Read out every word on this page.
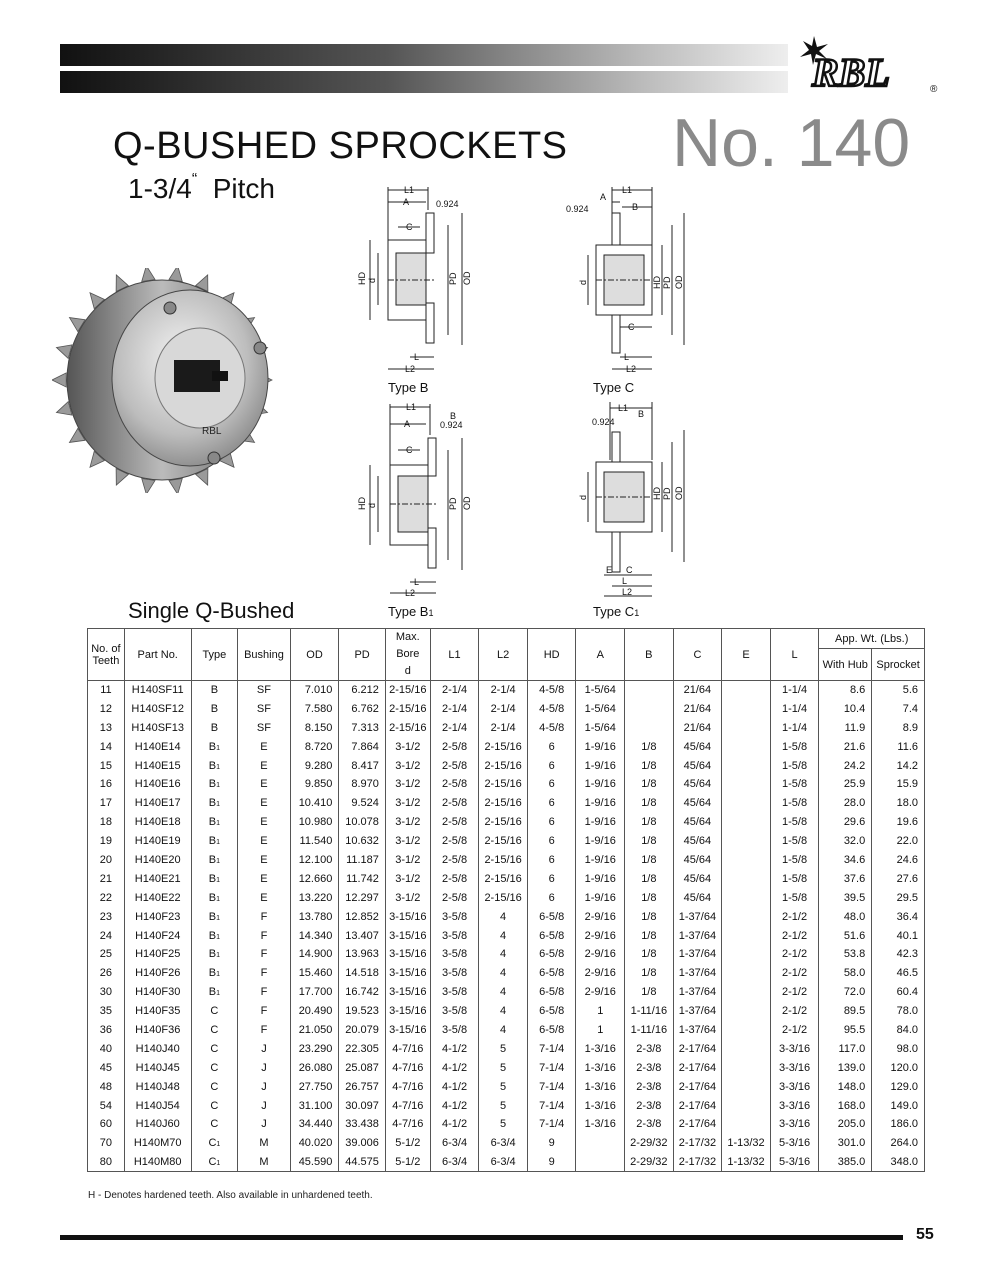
RBL	®
Q-BUSHED SPROCKETS
1-3/4“ Pitch
No. 140
RBL
Single Q-Bushed
L1
A	0.924
C
HD d	PD OD
L
L2
Type B
L1
A
0.924	B
d	HD PD OD
C
L
L2
Type C
L1
B
A	0.924
C
HD d	PD OD
L
L2
Type B1
L1
B
0.924
d	HD PD OD
E C
L
L2
Type C1
No. of
Teeth	Part No.	Type	Bushing	OD	PD	Max.
Bore
d	L1	L2	HD	A	B	C	E	L	App. Wt. (Lbs.)	
															With Hub	Sprocket
11	H140SF11	B	SF	7.010	6.212	2-15/16	2-1/4	2-1/4	4-5/8	1-5/64		21/64		1-1/4	8.6	5.6
12	H140SF12	B	SF	7.580	6.762	2-15/16	2-1/4	2-1/4	4-5/8	1-5/64		21/64		1-1/4	10.4	7.4
13	H140SF13	B	SF	8.150	7.313	2-15/16	2-1/4	2-1/4	4-5/8	1-5/64		21/64		1-1/4	11.9	8.9
14	H140E14	B1	E	8.720	7.864	3-1/2	2-5/8	2-15/16	6	1-9/16	1/8	45/64		1-5/8	21.6	11.6
15	H140E15	B1	E	9.280	8.417	3-1/2	2-5/8	2-15/16	6	1-9/16	1/8	45/64		1-5/8	24.2	14.2
16	H140E16	B1	E	9.850	8.970	3-1/2	2-5/8	2-15/16	6	1-9/16	1/8	45/64		1-5/8	25.9	15.9
17	H140E17	B1	E	10.410	9.524	3-1/2	2-5/8	2-15/16	6	1-9/16	1/8	45/64		1-5/8	28.0	18.0
18	H140E18	B1	E	10.980	10.078	3-1/2	2-5/8	2-15/16	6	1-9/16	1/8	45/64		1-5/8	29.6	19.6
19	H140E19	B1	E	11.540	10.632	3-1/2	2-5/8	2-15/16	6	1-9/16	1/8	45/64		1-5/8	32.0	22.0
20	H140E20	B1	E	12.100	11.187	3-1/2	2-5/8	2-15/16	6	1-9/16	1/8	45/64		1-5/8	34.6	24.6
21	H140E21	B1	E	12.660	11.742	3-1/2	2-5/8	2-15/16	6	1-9/16	1/8	45/64		1-5/8	37.6	27.6
22	H140E22	B1	E	13.220	12.297	3-1/2	2-5/8	2-15/16	6	1-9/16	1/8	45/64		1-5/8	39.5	29.5
23	H140F23	B1	F	13.780	12.852	3-15/16	3-5/8	4	6-5/8	2-9/16	1/8	1-37/64		2-1/2	48.0	36.4
24	H140F24	B1	F	14.340	13.407	3-15/16	3-5/8	4	6-5/8	2-9/16	1/8	1-37/64		2-1/2	51.6	40.1
25	H140F25	B1	F	14.900	13.963	3-15/16	3-5/8	4	6-5/8	2-9/16	1/8	1-37/64		2-1/2	53.8	42.3
26	H140F26	B1	F	15.460	14.518	3-15/16	3-5/8	4	6-5/8	2-9/16	1/8	1-37/64		2-1/2	58.0	46.5
30	H140F30	B1	F	17.700	16.742	3-15/16	3-5/8	4	6-5/8	2-9/16	1/8	1-37/64		2-1/2	72.0	60.4
35	H140F35	C	F	20.490	19.523	3-15/16	3-5/8	4	6-5/8	1	1-11/16	1-37/64		2-1/2	89.5	78.0
36	H140F36	C	F	21.050	20.079	3-15/16	3-5/8	4	6-5/8	1	1-11/16	1-37/64		2-1/2	95.5	84.0
40	H140J40	C	J	23.290	22.305	4-7/16	4-1/2	5	7-1/4	1-3/16	2-3/8	2-17/64		3-3/16	117.0	98.0
45	H140J45	C	J	26.080	25.087	4-7/16	4-1/2	5	7-1/4	1-3/16	2-3/8	2-17/64		3-3/16	139.0	120.0
48	H140J48	C	J	27.750	26.757	4-7/16	4-1/2	5	7-1/4	1-3/16	2-3/8	2-17/64		3-3/16	148.0	129.0
54	H140J54	C	J	31.100	30.097	4-7/16	4-1/2	5	7-1/4	1-3/16	2-3/8	2-17/64		3-3/16	168.0	149.0
60	H140J60	C	J	34.440	33.438	4-7/16	4-1/2	5	7-1/4	1-3/16	2-3/8	2-17/64		3-3/16	205.0	186.0
70	H140M70	C1	M	40.020	39.006	5-1/2	6-3/4	6-3/4	9		2-29/32	2-17/32	1-13/32	5-3/16	301.0	264.0
80	H140M80	C1	M	45.590	44.575	5-1/2	6-3/4	6-3/4	9		2-29/32	2-17/32	1-13/32	5-3/16	385.0	348.0
H - Denotes hardened teeth. Also available in unhardened teeth.
55
